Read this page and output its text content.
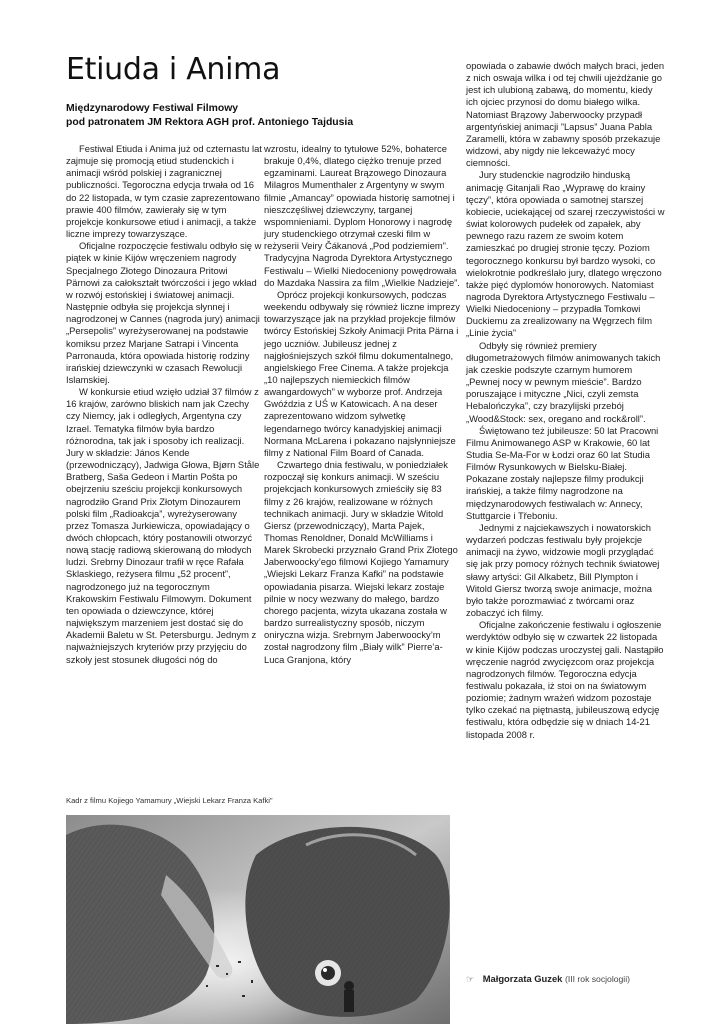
Etiuda i Anima
Międzynarodowy Festiwal Filmowy
pod patronatem JM Rektora AGH prof. Antoniego Tajdusia

Festiwal Etiuda i Anima już od czternastu lat zajmuje się promocją etiud studenckich i animacji wśród polskiej i zagranicznej publiczności. Tegoroczna edycja trwała od 16 do 22 listopada, w tym czasie zaprezentowano prawie 400 filmów, zawierały się w tym projekcje konkursowe etiud i animacji, a także liczne imprezy towarzyszące.

Oficjalne rozpoczęcie festiwalu odbyło się w piątek w kinie Kijów wręczeniem nagrody Specjalnego Złotego Dinozaura Pritowi Pärnowi za całokształt twórczości i jego wkład w rozwój estońskiej i światowej animacji. Następnie odbyła się projekcja słynnej i nagrodzonej w Cannes (nagroda jury) animacji „Persepolis” wyreżyserowanej na podstawie komiksu przez Marjane Satrapi i Vincenta Parronauda, która opowiada historię rodziny irańskiej dziewczynki w czasach Rewolucji Islamskiej.

W konkursie etiud wzięło udział 37 filmów z 16 krajów, zarówno bliskich nam jak Czechy czy Niemcy, jak i odległych, Argentyna czy Izrael. Tematyka filmów była bardzo różnorodna, tak jak i sposoby ich realizacji. Jury w składzie: János Kende (przewodniczący), Jadwiga Głowa, Bjørn Ståle Bratberg, Saša Gedeon i Martin Pošta po obejrzeniu sześciu projekcji konkursowych nagrodziło Grand Prix Złotym Dinozaurem polski film „Radioakcja”, wyreżyserowany przez Tomasza Jurkiewicza, opowiadający o dwóch chłopcach, który postanowili otworzyć nową stację radiową skierowaną do młodych ludzi. Srebrny Dinozaur trafił w ręce Rafała Sklaskiego, reżysera filmu „52 procent”, nagrodzonego już na tegorocznym Krakowskim Festiwalu Filmowym. Dokument ten opowiada o dziewczynce, której największym marzeniem jest dostać się do Akademii Baletu w St. Petersburgu. Jednym z najważniejszych kryteriów przy przyjęciu do szkoły jest stosunek długości nóg do

wzrostu, idealny to tytułowe 52%, bohaterce brakuje 0,4%, dlatego ciężko trenuje przed egzaminami. Laureat Brązowego Dinozaura Milagros Mumenthaler z Argentyny w swym filmie „Amancay” opowiada historię samotnej i nieszczęśliwej dziewczyny, targanej wspomnieniami. Dyplom Honorowy i nagrodę jury studenckiego otrzymał czeski film w reżyserii Veiry Čákanová „Pod podziemiem”. Tradycyjna Nagroda Dyrektora Artystycznego Festiwalu – Wielki Niedoceniony powędrowała do Mazdaka Nassira za film „Wielkie Nadzieje”.

Oprócz projekcji konkursowych, podczas weekendu odbywały się również liczne imprezy towarzyszące jak na przykład projekcje filmów twórcy Estońskiej Szkoły Animacji Prita Pärna i jego uczniów. Jubileusz jednej z najgłośniejszych szkół filmu dokumentalnego, angielskiego Free Cinema. A także projekcja „10 najlepszych niemieckich filmów awangardowych” w wyborze prof. Andrzeja Gwóździa z UŚ w Katowicach. A na deser zaprezentowano widzom sylwetkę legendarnego twórcy kanadyjskiej animacji Normana McLarena i pokazano najsłynniejsze filmy z National Film Board of Canada.

Czwartego dnia festiwalu, w poniedziałek rozpoczął się konkurs animacji. W sześciu projekcjach konkursowych zmieściły się 83 filmy z 26 krajów, realizowane w różnych technikach animacji. Jury w składzie Witold Giersz (przewodniczący), Marta Pajek, Thomas Renoldner, Donald McWilliams i Marek Skrobecki przyznało Grand Prix Złotego Jaberwoocky’ego filmowi Kojiego Yamamury „Wiejski Lekarz Franza Kafki” na podstawie opowiadania pisarza. Wiejski lekarz zostaje pilnie w nocy wezwany do małego, bardzo chorego pacjenta, wizyta ukazana została w bardzo surrealistyczny sposób, niczym oniryczna wizja. Srebrnym Jaberwoocky’m został nagrodzony film „Biały wilk” Pierre’a-Luca Granjona, który

opowiada o zabawie dwóch małych braci, jeden z nich oswaja wilka i od tej chwili ujeżdżanie go jest ich ulubioną zabawą, do momentu, kiedy ich ojciec przynosi do domu białego wilka. Natomiast Brązowy Jaberwoocky przypadł argentyńskiej animacji ”Lapsus” Juana Pabla Zaramelli, która w zabawny sposób przekazuje widzowi, aby nigdy nie lekceważyć mocy ciemności.

Jury studenckie nagrodziło hinduską animację Gitanjali Rao „Wyprawę do krainy tęczy”, która opowiada o samotnej starszej kobiecie, uciekającej od szarej rzeczywistości w świat kolorowych pudełek od zapałek, aby pewnego razu razem ze swoim kotem zamieszkać po drugiej stronie tęczy. Poziom tegorocznego konkursu był bardzo wysoki, co wielokrotnie podkreślało jury, dlatego wręczono także pięć dyplomów honorowych. Natomiast nagroda Dyrektora Artystycznego Festiwalu – Wielki Niedoceniony – przypadła Tomkowi Duckiemu za zrealizowany na Węgrzech film „Linie życia”

Odbyły się również premiery długometrażowych filmów animowanych takich jak czeskie podszyte czarnym humorem „Pewnej nocy w pewnym mieście”. Bardzo poruszające i mityczne „Nici, czyli zemsta Hebalończyka”, czy brazylijski przebój „Wood&Stock: sex, oregano and rock&roll”.

Świętowano też jubileusze: 50 lat Pracowni Filmu Animowanego ASP w Krakowie, 60 lat Studia Se-Ma-For w Łodzi oraz 60 lat Studia Filmów Rysunkowych w Bielsku-Białej. Pokazane zostały najlepsze filmy produkcji irańskiej, a także filmy nagrodzone na międzynarodowych festiwalach w: Annecy, Stuttgarcie i Třeboniu.

Jednymi z najciekawszych i nowatorskich wydarzeń podczas festiwalu były projekcje animacji na żywo, widzowie mogli przyglądać się jak przy pomocy różnych technik światowej sławy artyści: Gil Alkabetz, Bill Plympton i Witold Giersz tworzą swoje animacje, można było także porozmawiać z twórcami oraz zobaczyć ich filmy.

Oficjalne zakończenie festiwalu i ogłoszenie werdyktów odbyło się w czwartek 22 listopada w kinie Kijów podczas uroczystej gali. Nastąpiło wręczenie nagród zwycięzcom oraz projekcja nagrodzonych filmów. Tegoroczna edycja festiwalu pokazała, iż stoi on na światowym poziomie; żadnym wrażeń widzom pozostaje tylko czekać na piętnastą, jubileuszową edycję festiwalu, która odbędzie się w dniach 14-21 listopada 2008 r.

Kadr z filmu Kojiego Yamamury „Wiejski Lekarz Franza Kafki”
☞ Małgorzata Guzek (III rok socjologii)
